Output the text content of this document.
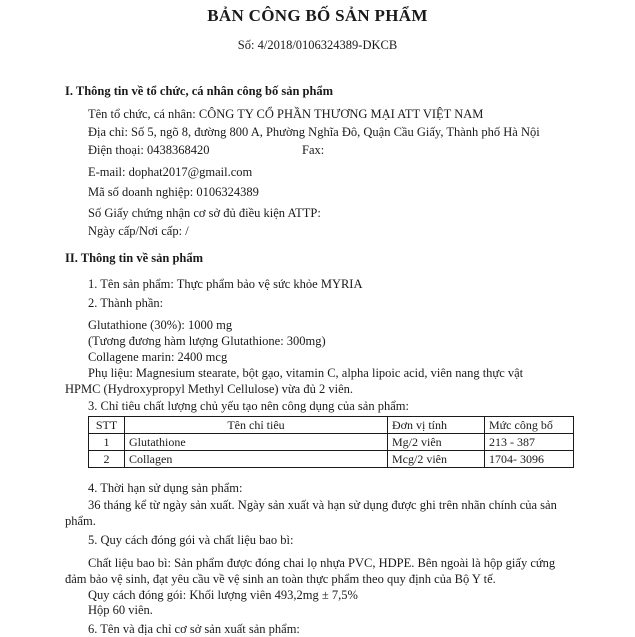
BẢN CÔNG BỐ SẢN PHẨM
Số: 4/2018/0106324389-DKCB
I. Thông tin về tổ chức, cá nhân công bố sản phẩm
Tên tổ chức, cá nhân: CÔNG TY CỔ PHẦN THƯƠNG MẠI ATT VIỆT NAM
Địa chỉ: Số 5, ngõ 8, đường 800 A, Phường Nghĩa Đô, Quận Cầu Giấy, Thành phố Hà Nội
Điện thoại: 0438368420	Fax:
E-mail: dophat2017@gmail.com
Mã số doanh nghiệp: 0106324389
Số Giấy chứng nhận cơ sở đủ điều kiện ATTP:
Ngày cấp/Nơi cấp: /
II. Thông tin về sản phẩm
1. Tên sản phẩm: Thực phẩm bảo vệ sức khỏe MYRIA
2. Thành phần:
Glutathione (30%): 1000 mg
(Tương đương hàm lượng Glutathione: 300mg)
Collagene marin: 2400 mcg
Phụ liệu: Magnesium stearate, bột gạo, vitamin C, alpha lipoic acid, viên nang thực vật
HPMC (Hydroxypropyl Methyl Cellulose) vừa đủ 2 viên.
3. Chỉ tiêu chất lượng chủ yếu tạo nên công dụng của sản phẩm:
STT	Tên chỉ tiêu	Đơn vị tính	Mức công bố
1	Glutathione	Mg/2 viên	213 - 387
2	Collagen	Mcg/2 viên	1704- 3096
4. Thời hạn sử dụng sản phẩm:
36 tháng kể từ ngày sản xuất. Ngày sản xuất và hạn sử dụng được ghi trên nhãn chính của sản
phẩm.
5. Quy cách đóng gói và chất liệu bao bì:
Chất liệu bao bì: Sản phẩm được đóng chai lọ nhựa PVC, HDPE. Bên ngoài là hộp giấy cứng
đảm bảo vệ sinh, đạt yêu cầu về vệ sinh an toàn thực phẩm theo quy định của Bộ Y tế.
Quy cách đóng gói: Khối lượng viên 493,2mg ± 7,5%
Hộp 60 viên.
6. Tên và địa chỉ cơ sở sản xuất sản phẩm:
